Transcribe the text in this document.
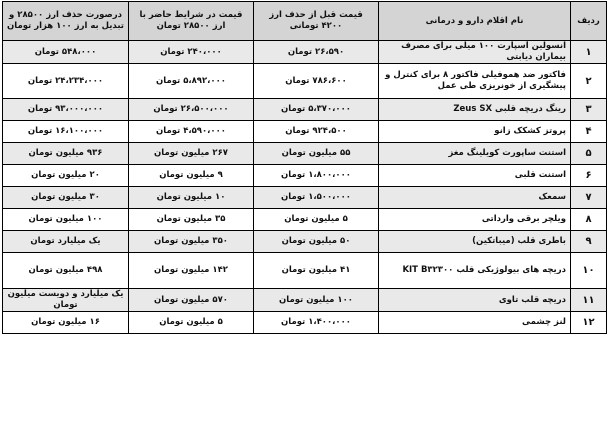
ردیف	نام اقلام دارو و درمانی	قیمت قبل از حذف ارز ۴۲۰۰ تومانی	قیمت در شرایط حاضر با ارز ۲۸۵۰۰ تومان	درصورت حذف ارز ۲۸۵۰۰ و تبدیل به ارز ۱۰۰ هزار تومان
۱	انسولین آسپارت ۱۰۰ میلی برای مصرف بیماران دیابتی	۲۶،۵۹۰ تومان	۲۴۰،۰۰۰ تومان	۵۴۸،۰۰۰ تومان
۲	فاکتور ضد هموفیلی فاکتور ۸ برای کنترل و پیشگیری از خونریزی طی عمل	۷۸۶،۶۰۰ تومان	۵،۸۹۲،۰۰۰ تومان	۲۴،۲۳۴،۰۰۰ تومان
۳	رینگ دریچه قلبی Zeus SX	۵،۳۷۰،۰۰۰ تومان	۲۶،۵۰۰،۰۰۰ تومان	۹۳،۰۰۰،۰۰۰ تومان
۴	پروتز کشکک زانو	۹۲۴،۵۰۰ تومان	۴،۵۹۰،۰۰۰ تومان	۱۶،۱۰۰،۰۰۰ تومان
۵	استنت ساپورت کویلینگ مغز	۵۵ میلیون تومان	۲۶۷ میلیون تومان	۹۳۶ میلیون تومان
۶	استنت قلبی	۱،۸۰۰،۰۰۰ تومان	۹ میلیون تومان	۲۰ میلیون تومان
۷	سمعک	۱،۵۰۰،۰۰۰ تومان	۱۰ میلیون تومان	۳۰ میلیون تومان
۸	ویلچر برقی وارداتی	۵ میلیون تومان	۳۵ میلیون تومان	۱۰۰ میلیون تومان
۹	باطری قلب (میباتکین)	۵۰ میلیون تومان	۳۵۰ میلیون تومان	یک میلیارد تومان
۱۰	دریچه های بیولوژیکی قلب KIT B۳۲۳۰۰	۴۱ میلیون تومان	۱۴۲ میلیون تومان	۴۹۸ میلیون تومان
۱۱	دریچه قلب تاوی	۱۰۰ میلیون تومان	۵۷۰ میلیون تومان	یک میلیارد و دویست میلیون تومان
۱۲	لنز چشمی	۱،۴۰۰،۰۰۰ تومان	۵ میلیون تومان	۱۶ میلیون تومان
